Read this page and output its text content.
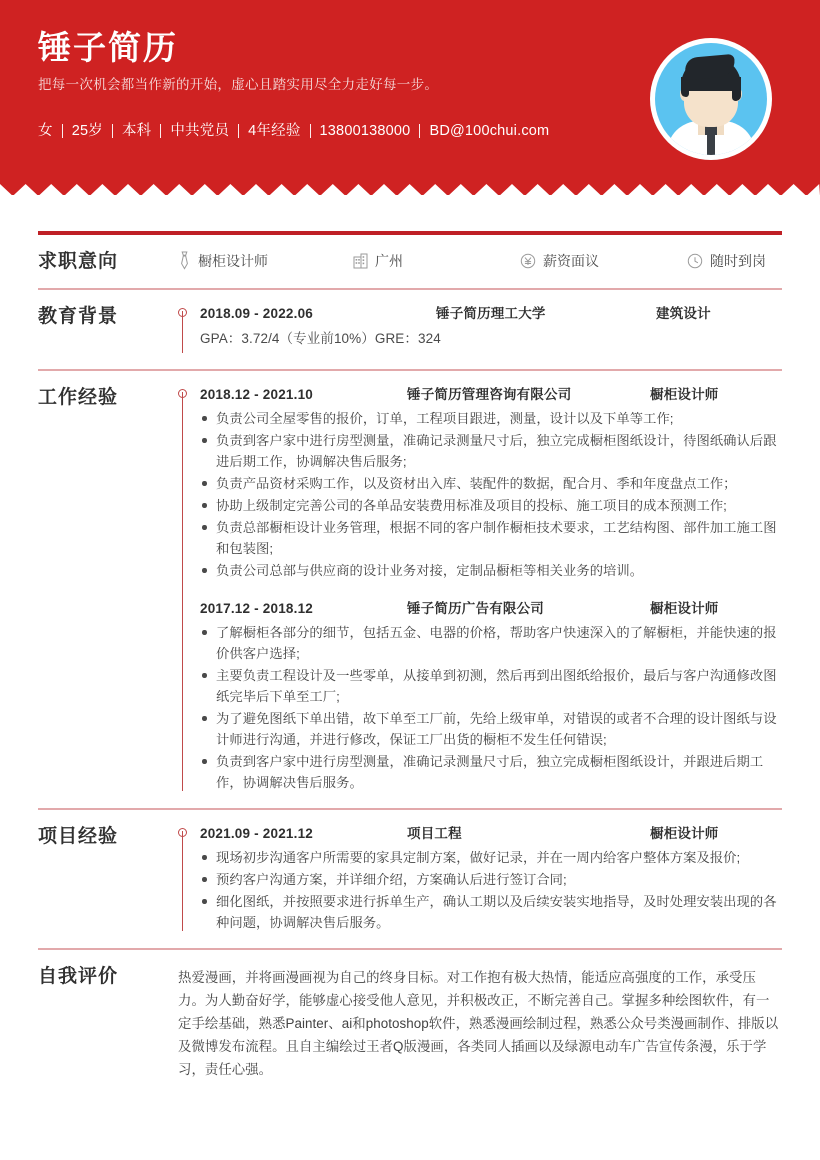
锤子简历
把每一次机会都当作新的开始，虚心且踏实用尽全力走好每一步。
女 25岁 本科 中共党员 4年经验 13800138000 BD@100chui.com
求职意向	橱柜设计师	广州	薪资面议	随时到岗
教育背景	2018.09 - 2022.06	锤子简历理工大学	建筑设计
GPA：3.72/4（专业前10%）GRE：324
工作经验	2018.12 - 2021.10	锤子简历管理咨询有限公司	橱柜设计师
负责公司全屋零售的报价，订单，工程项目跟进，测量，设计以及下单等工作;
负责到客户家中进行房型测量，准确记录测量尺寸后，独立完成橱柜图纸设计，待图纸确认后跟进后期工作，协调解决售后服务;
负责产品资材采购工作，以及资材出入库、装配件的数据，配合月、季和年度盘点工作；
协助上级制定完善公司的各单品安装费用标准及项目的投标、施工项目的成本预测工作;
负责总部橱柜设计业务管理，根据不同的客户制作橱柜技术要求，工艺结构图、部件加工施工图和包装图;
负责公司总部与供应商的设计业务对接，定制品橱柜等相关业务的培训。
2017.12 - 2018.12	锤子简历广告有限公司	橱柜设计师
了解橱柜各部分的细节，包括五金、电器的价格，帮助客户快速深入的了解橱柜，并能快速的报价供客户选择;
主要负责工程设计及一些零单，从接单到初测，然后再到出图纸给报价，最后与客户沟通修改图纸完毕后下单至工厂;
为了避免图纸下单出错，故下单至工厂前，先给上级审单，对错误的或者不合理的设计图纸与设计师进行沟通，并进行修改，保证工厂出货的橱柜不发生任何错误;
负责到客户家中进行房型测量，准确记录测量尺寸后，独立完成橱柜图纸设计，并跟进后期工作，协调解决售后服务。
项目经验	2021.09 - 2021.12	项目工程	橱柜设计师
现场初步沟通客户所需要的家具定制方案，做好记录，并在一周内给客户整体方案及报价;
预约客户沟通方案，并详细介绍，方案确认后进行签订合同;
细化图纸，并按照要求进行拆单生产，确认工期以及后续安装实地指导，及时处理安装出现的各种问题，协调解决售后服务。
自我评价	热爱漫画，并将画漫画视为自己的终身目标。对工作抱有极大热情，能适应高强度的工作，承受压力。为人勤奋好学，能够虚心接受他人意见，并积极改正，不断完善自己。掌握多种绘图软件，有一定手绘基础，熟悉Painter、ai和photoshop软件，熟悉漫画绘制过程，熟悉公众号类漫画制作、排版以及微博发布流程。且自主编绘过王者Q版漫画，各类同人插画以及绿源电动车广告宣传条漫，乐于学习，责任心强。
